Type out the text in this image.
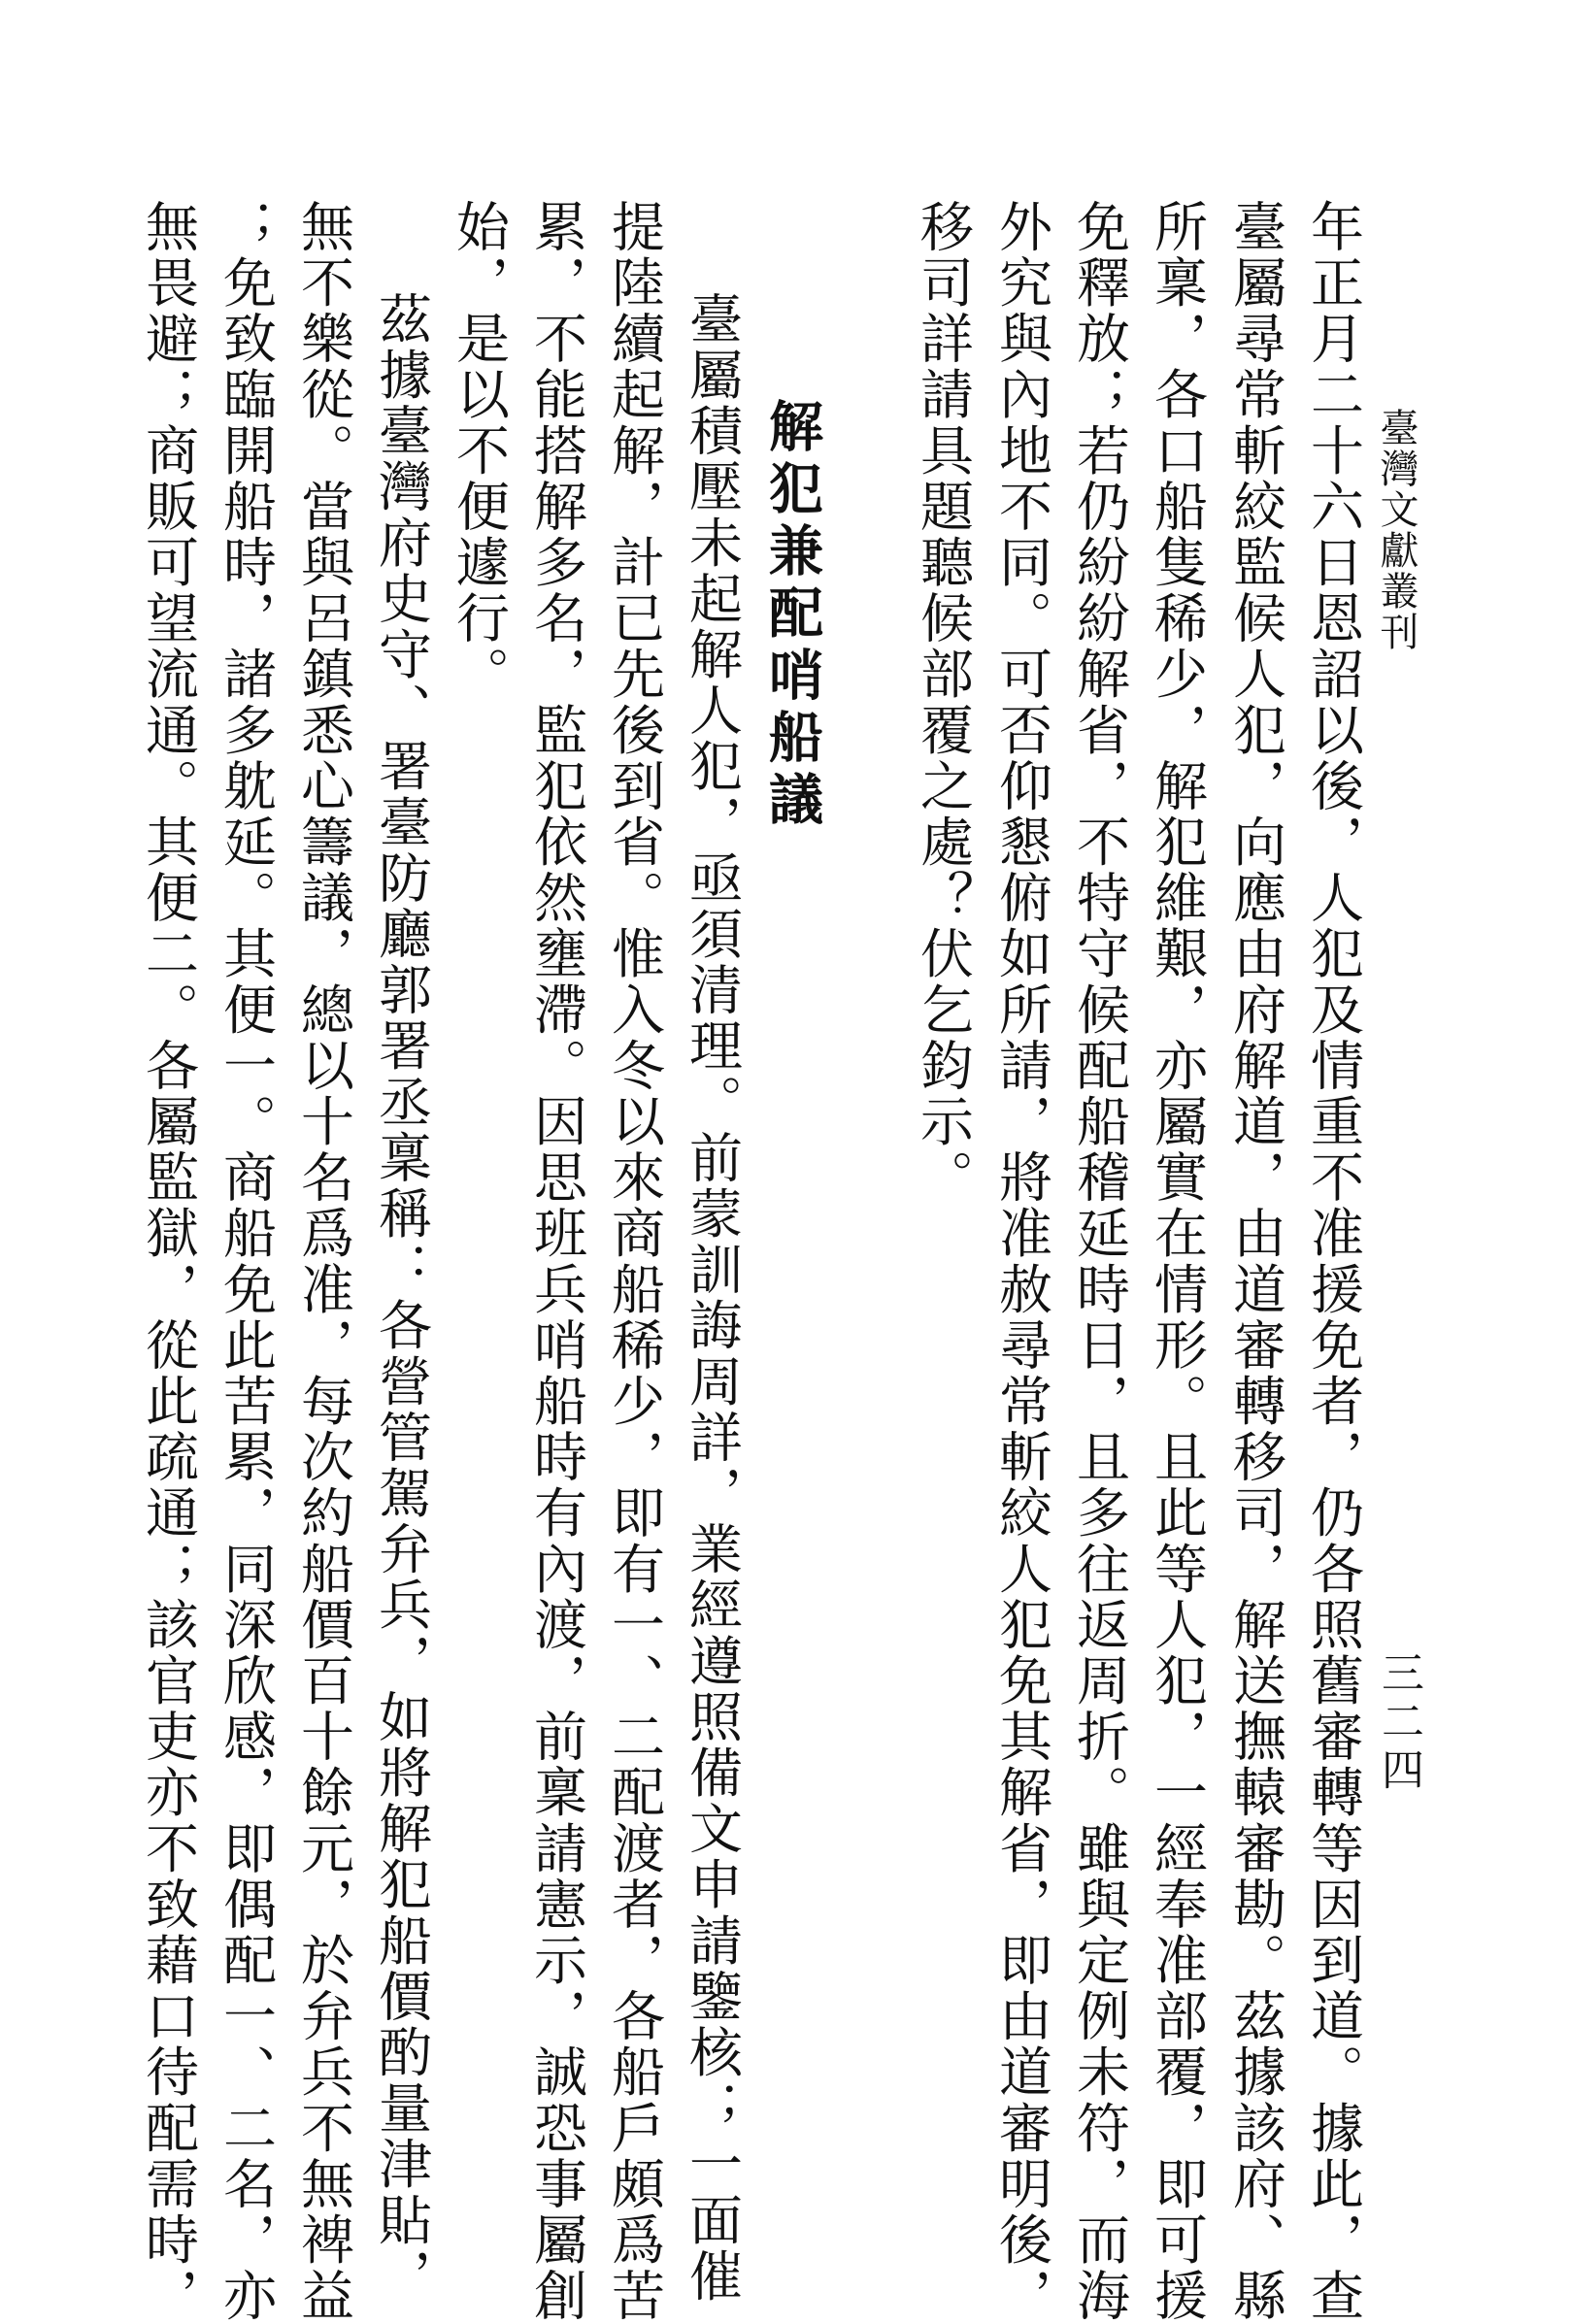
臺灣文獻叢刊
三二四
年正月二十六日恩詔以後，人犯及情重不准援免者，仍各照舊審轉等因到道。據此，查
臺屬尋常斬絞監候人犯，向應由府解道，由道審轉移司，解送撫轅審勘。茲據該府、縣
所稟，各口船隻稀少，解犯維艱，亦屬實在情形。且此等人犯，一經奉准部覆，即可援
免釋放；若仍紛紛解省，不特守候配船稽延時日，且多往返周折。雖與定例未符，而海
外究與內地不同。可否仰懇俯如所請，將准赦尋常斬絞人犯免其解省，即由道審明後，
移司詳請具題聽候部覆之處？伏乞鈞示。
解犯兼配哨船議
臺屬積壓未起解人犯，亟須清理。前蒙訓誨周詳，業經遵照備文申請鑒核；一面催
提陸續起解，計已先後到省。惟入冬以來商船稀少，即有一、二配渡者，各船戶頗爲苦
累，不能搭解多名，監犯依然壅滯。因思班兵哨船時有內渡，前稟請憲示，誠恐事屬創
始，是以不便遽行。
茲據臺灣府史守、署臺防廳郭署丞稟稱：各營管駕弁兵，如將解犯船價酌量津貼，
無不樂從。當與呂鎮悉心籌議，總以十名爲准，每次約船價百十餘元，於弁兵不無裨益
；免致臨開船時，諸多躭延。其便一。商船免此苦累，同深欣感，即偶配一、二名，亦
無畏避；商販可望流通。其便二。各屬監獄，從此疏通；該官吏亦不致藉口待配需時，
